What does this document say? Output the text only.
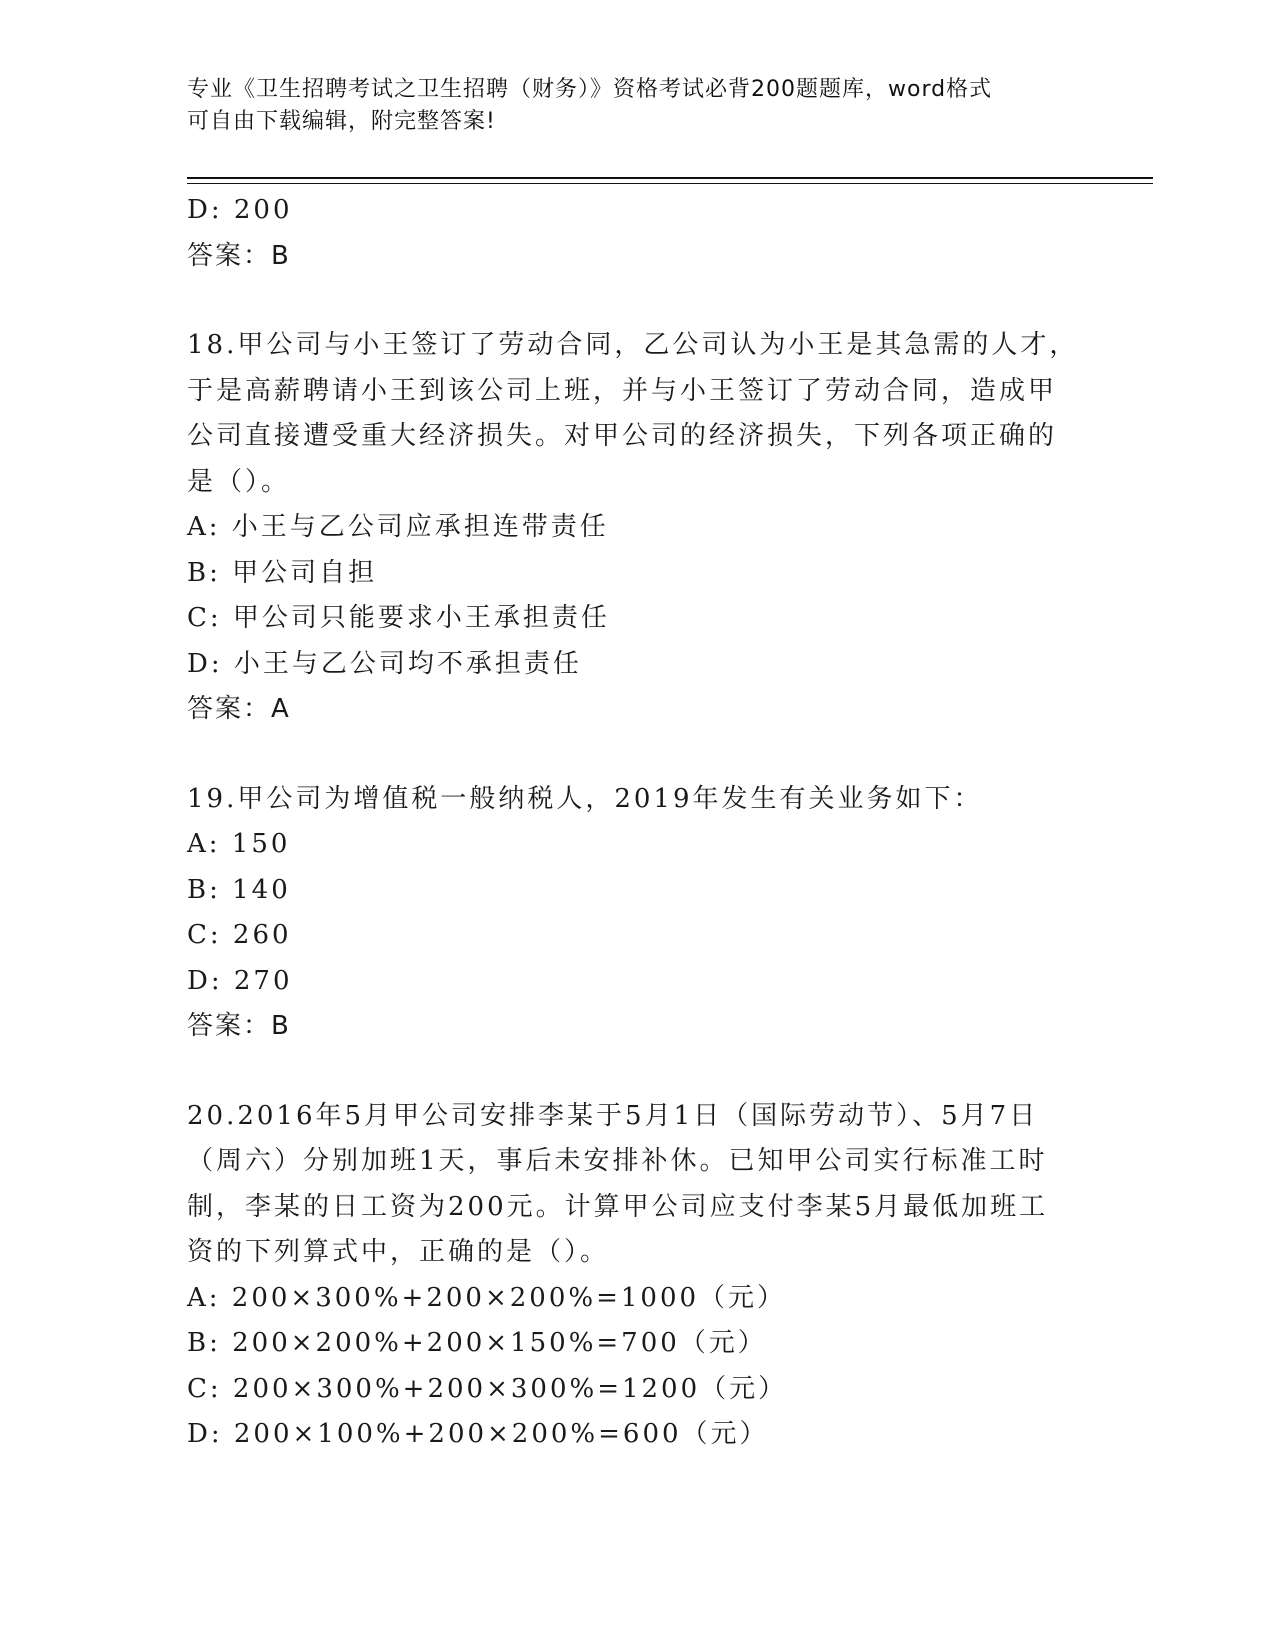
专业《卫生招聘考试之卫生招聘（财务）》资格考试必背200题题库，word格式
可自由下载编辑，附完整答案!

D: 200

答案：B

18.甲公司与小王签订了劳动合同，乙公司认为小王是其急需的人才，

于是高薪聘请小王到该公司上班，并与小王签订了劳动合同，造成甲

公司直接遭受重大经济损失。对甲公司的经济损失，下列各项正确的

是（）。

A: 小王与乙公司应承担连带责任

B: 甲公司自担

C: 甲公司只能要求小王承担责任

D: 小王与乙公司均不承担责任

答案：A

19.甲公司为增值税一般纳税人，2019年发生有关业务如下：

A: 150

B: 140

C: 260

D: 270

答案：B

20.2016年5月甲公司安排李某于5月1日（国际劳动节）、5月7日

（周六）分别加班1天，事后未安排补休。已知甲公司实行标准工时

制，李某的日工资为200元。计算甲公司应支付李某5月最低加班工

资的下列算式中，正确的是（）。

A: 200×300%+200×200%=1000（元）

B: 200×200%+200×150%=700（元）

C: 200×300%+200×300%=1200（元）

D: 200×100%+200×200%=600（元）
